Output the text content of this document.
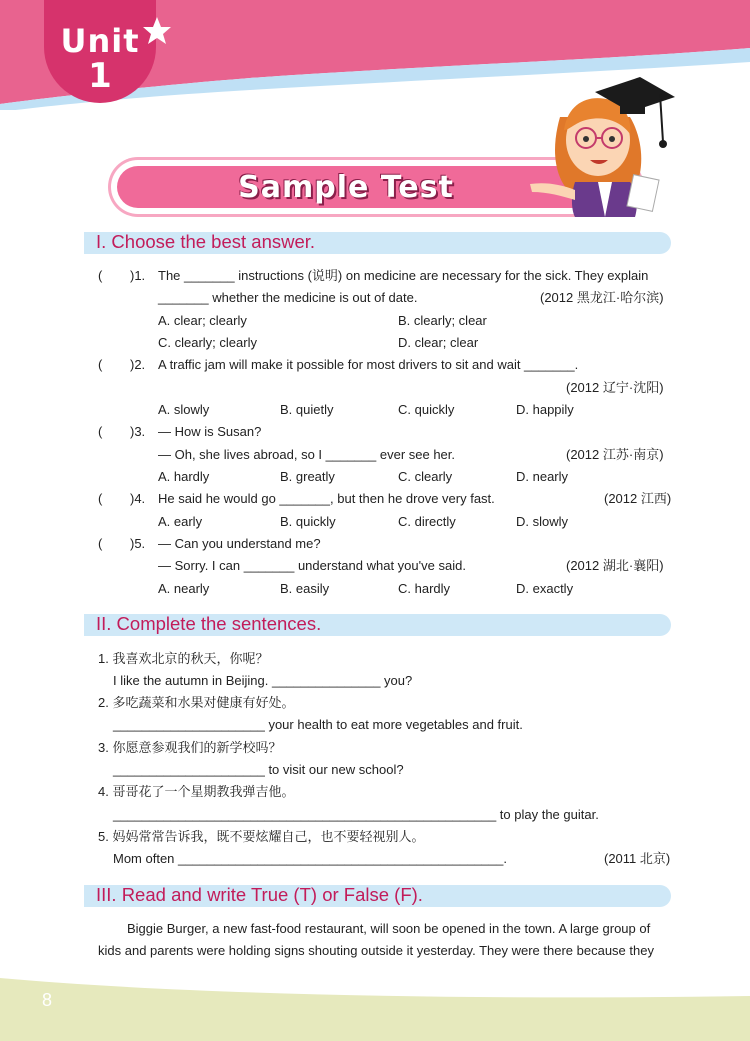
Unit
1
Sample Test
I. Choose the best answer.
( )1. The _______ instructions (说明) on medicine are necessary for the sick. They explain
_______ whether the medicine is out of date.	(2012 黑龙江·哈尔滨)
A. clear; clearly	B. clearly; clear
C. clearly; clearly	D. clear; clear
( )2. A traffic jam will make it possible for most drivers to sit and wait _______.
(2012 辽宁·沈阳)
A. slowly	B. quietly	C. quickly	D. happily
( )3. — How is Susan?
— Oh, she lives abroad, so I _______ ever see her.	(2012 江苏·南京)
A. hardly	B. greatly	C. clearly	D. nearly
( )4. He said he would go _______, but then he drove very fast.	(2012 江西)
A. early	B. quickly	C. directly	D. slowly
( )5. — Can you understand me?
— Sorry. I can _______ understand what you've said.	(2012 湖北·襄阳)
A. nearly	B. easily	C. hardly	D. exactly
II. Complete the sentences.
1. 我喜欢北京的秋天，你呢？
I like the autumn in Beijing. _______________ you?
2. 多吃蔬菜和水果对健康有好处。
_____________________ your health to eat more vegetables and fruit.
3. 你愿意参观我们的新学校吗？
_____________________ to visit our new school?
4. 哥哥花了一个星期教我弹吉他。
_____________________________________________________ to play the guitar.
5. 妈妈常常告诉我，既不要炫耀自己，也不要轻视别人。
Mom often _____________________________________________.	(2011 北京)
III. Read and write True (T) or False (F).
Biggie Burger, a new fast-food restaurant, will soon be opened in the town. A large group of
kids and parents were holding signs shouting outside it yesterday. They were there because they
8
